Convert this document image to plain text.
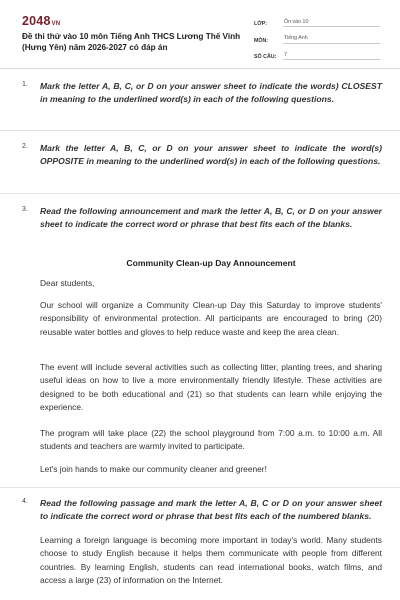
2048VN
Đề thi thử vào 10 môn Tiếng Anh THCS Lương Thế Vinh (Hưng Yên) năm 2026-2027 có đáp án
LỚP:	Ôn vào 10
MÔN:	Tiếng Anh
SỐ CÂU:	7
1.	Mark the letter A, B, C, or D on your answer sheet to indicate the words) CLOSEST in meaning to the underlined word(s) in each of the following questions.
2.	Mark the letter A, B, C, or D on your answer sheet to indicate the word(s) OPPOSITE in meaning to the underlined word(s) in each of the following questions.
3.	Read the following announcement and mark the letter A, B, C, or D on your answer sheet to indicate the correct word or phrase that best fits each of the blanks.
Community Clean-up Day Announcement
Dear students,
Our school will organize a Community Clean-up Day this Saturday to improve students' responsibility of environmental protection. All participants are encouraged to bring (20) reusable water bottles and gloves to help reduce waste and keep the area clean.
The event will include several activities such as collecting litter, planting trees, and sharing useful ideas on how to live a more environmentally friendly lifestyle. These activities are designed to be both educational and (21) so that students can learn while enjoying the experience.
The program will take place (22) the school playground from 7:00 a.m. to 10:00 a.m. All students and teachers are warmly invited to participate.
Let's join hands to make our community cleaner and greener!
4.	Read the following passage and mark the letter A, B, C or D on your answer sheet to indicate the correct word or phrase that best fits each of the numbered blanks.
Learning a foreign language is becoming more important in today's world. Many students choose to study English because it helps them communicate with people from different countries. By learning English, students can read international books, watch films, and access a large (23) of information on the Internet.
